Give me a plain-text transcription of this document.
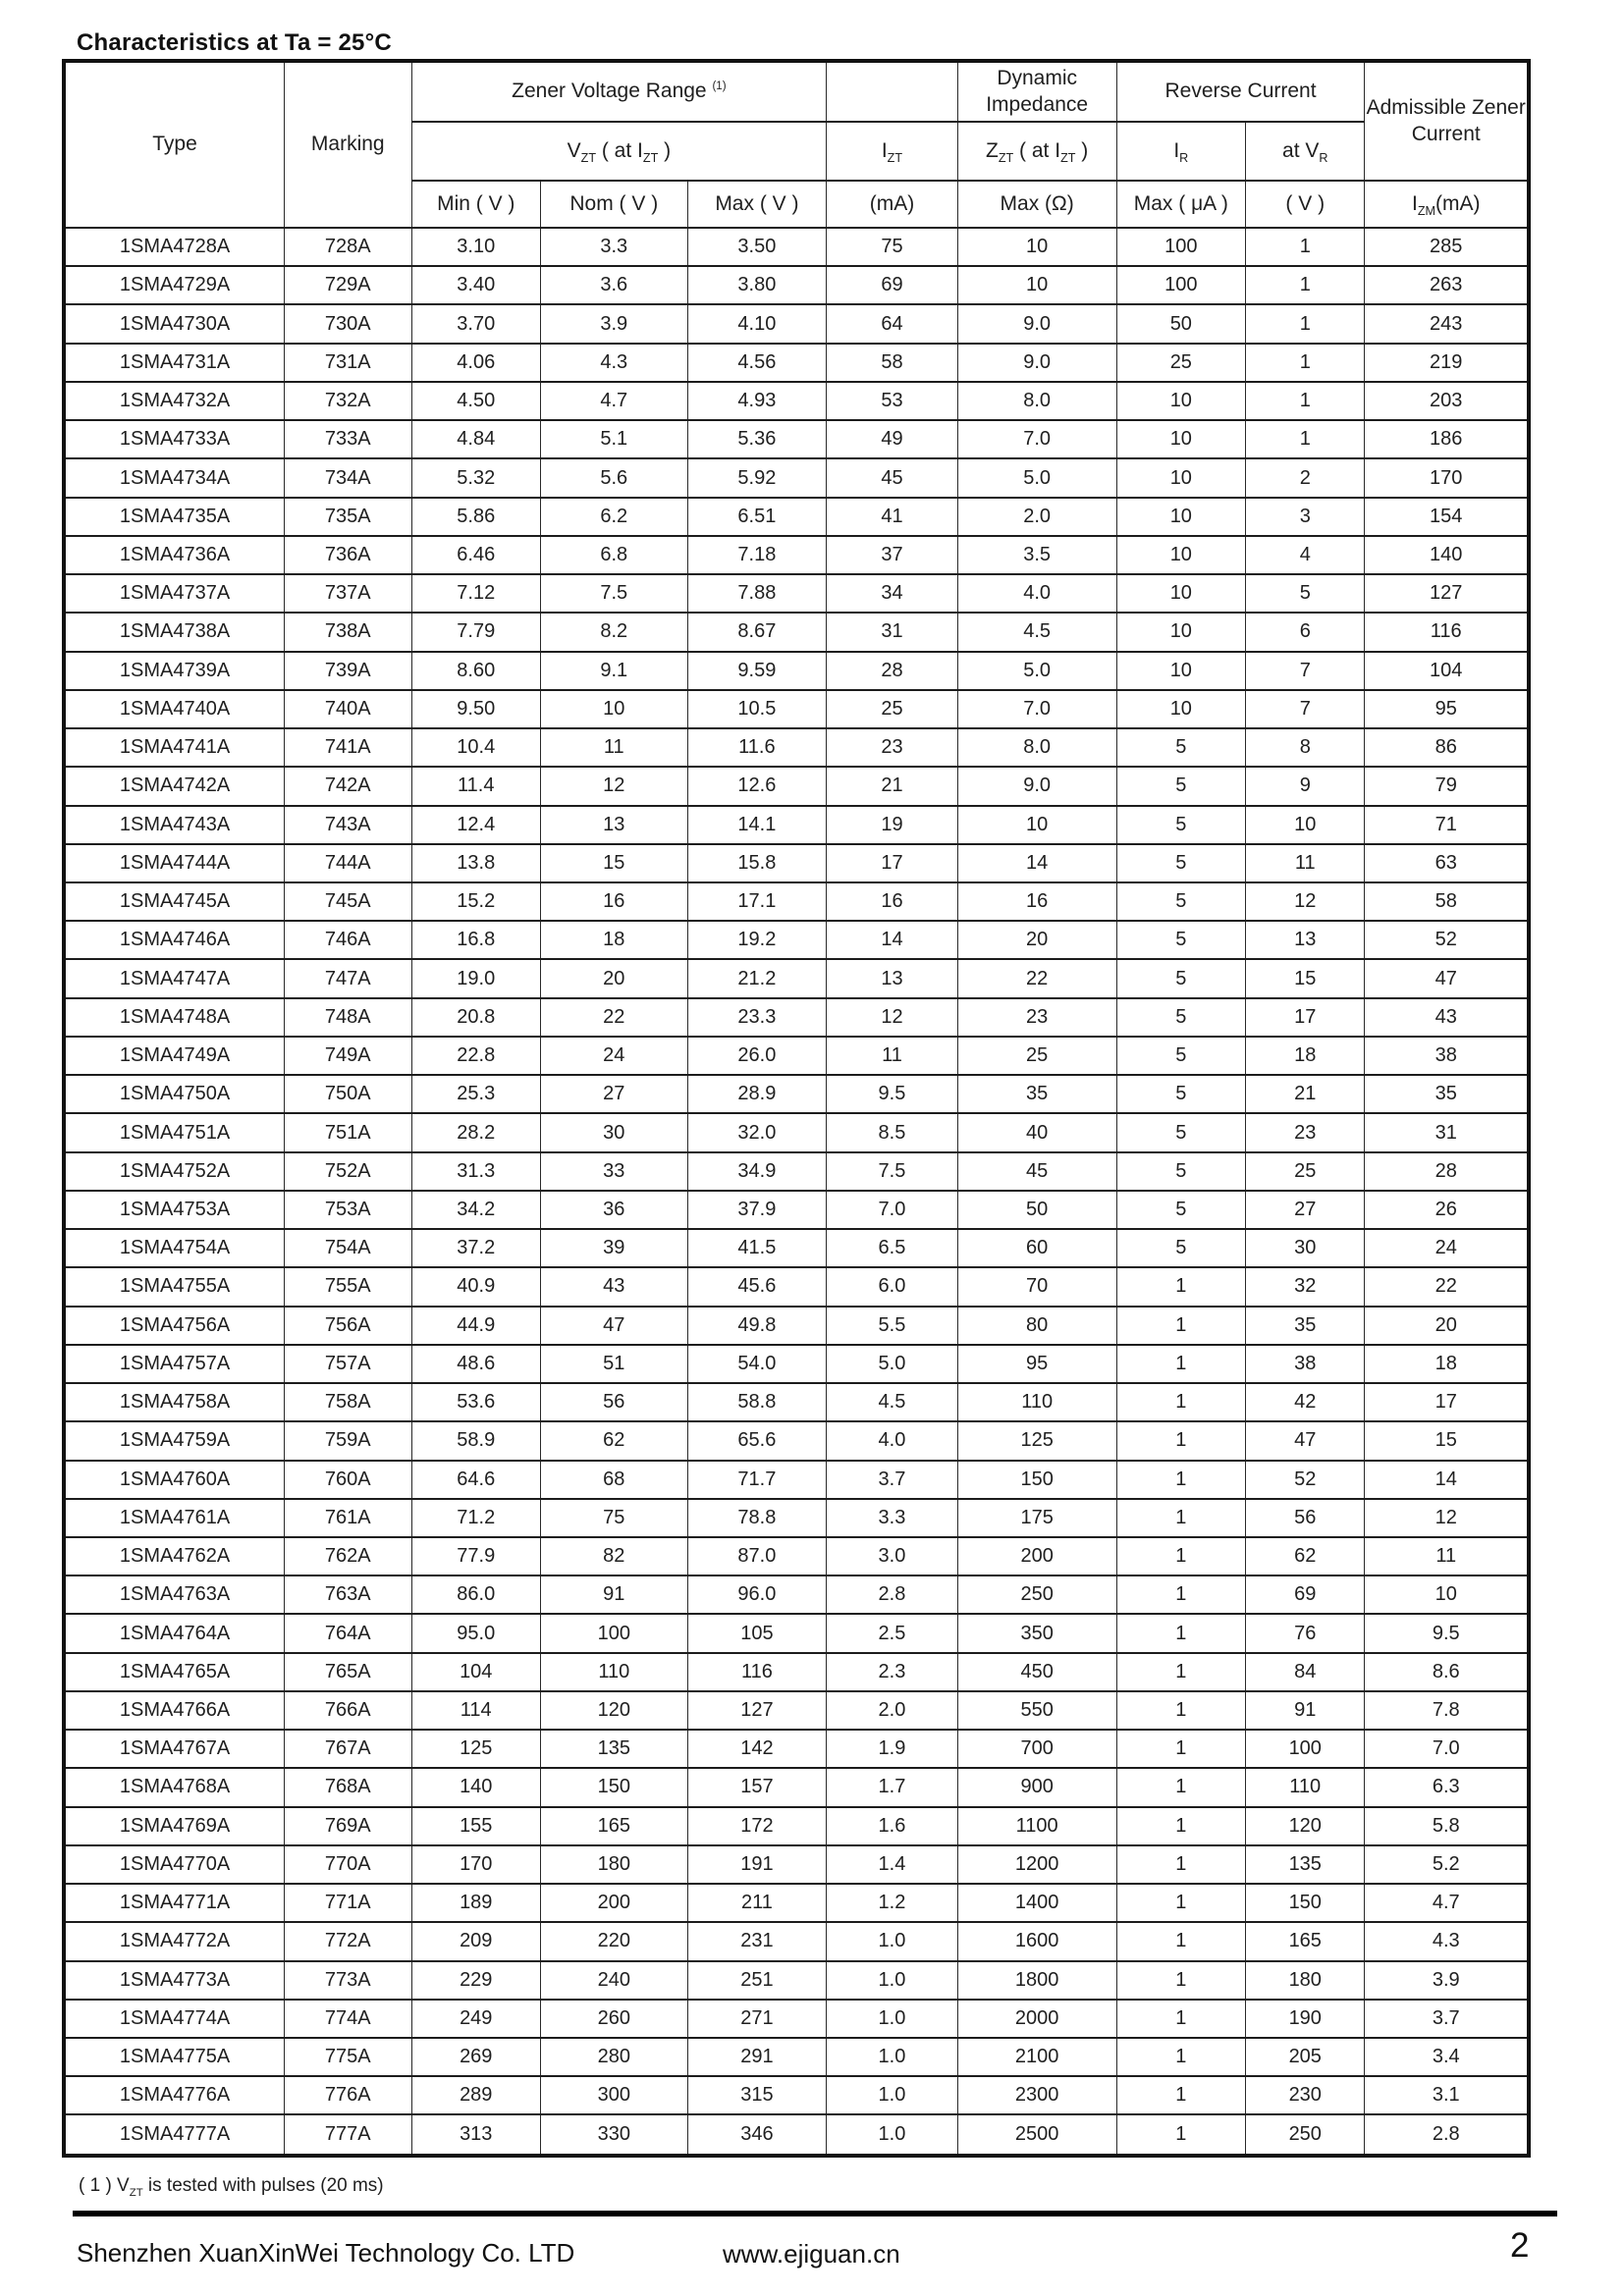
Characteristics at Ta = 25°C
Type	Marking	Zener Voltage Range $^{(1)}$				Dynamic Impedance	Reverse Current		Admissible Zener Current
		$V_{ZT}$ ( at $I_{ZT}$ )			$I_{ZT}$	$Z_{ZT}$ ( at $I_{ZT}$ )	$I_R$	at $V_R$
		Min ( V )	Nom ( V )	Max ( V )	(mA)	Max (Ω)	Max ( μA )	( V )	$I_{ZM}(mA)$
1SMA4728A	728A	3.10	3.3	3.50	75	10	100	1	285
1SMA4729A	729A	3.40	3.6	3.80	69	10	100	1	263
1SMA4730A	730A	3.70	3.9	4.10	64	9.0	50	1	243
1SMA4731A	731A	4.06	4.3	4.56	58	9.0	25	1	219
1SMA4732A	732A	4.50	4.7	4.93	53	8.0	10	1	203
1SMA4733A	733A	4.84	5.1	5.36	49	7.0	10	1	186
1SMA4734A	734A	5.32	5.6	5.92	45	5.0	10	2	170
1SMA4735A	735A	5.86	6.2	6.51	41	2.0	10	3	154
1SMA4736A	736A	6.46	6.8	7.18	37	3.5	10	4	140
1SMA4737A	737A	7.12	7.5	7.88	34	4.0	10	5	127
1SMA4738A	738A	7.79	8.2	8.67	31	4.5	10	6	116
1SMA4739A	739A	8.60	9.1	9.59	28	5.0	10	7	104
1SMA4740A	740A	9.50	10	10.5	25	7.0	10	7	95
1SMA4741A	741A	10.4	11	11.6	23	8.0	5	8	86
1SMA4742A	742A	11.4	12	12.6	21	9.0	5	9	79
1SMA4743A	743A	12.4	13	14.1	19	10	5	10	71
1SMA4744A	744A	13.8	15	15.8	17	14	5	11	63
1SMA4745A	745A	15.2	16	17.1	16	16	5	12	58
1SMA4746A	746A	16.8	18	19.2	14	20	5	13	52
1SMA4747A	747A	19.0	20	21.2	13	22	5	15	47
1SMA4748A	748A	20.8	22	23.3	12	23	5	17	43
1SMA4749A	749A	22.8	24	26.0	11	25	5	18	38
1SMA4750A	750A	25.3	27	28.9	9.5	35	5	21	35
1SMA4751A	751A	28.2	30	32.0	8.5	40	5	23	31
1SMA4752A	752A	31.3	33	34.9	7.5	45	5	25	28
1SMA4753A	753A	34.2	36	37.9	7.0	50	5	27	26
1SMA4754A	754A	37.2	39	41.5	6.5	60	5	30	24
1SMA4755A	755A	40.9	43	45.6	6.0	70	1	32	22
1SMA4756A	756A	44.9	47	49.8	5.5	80	1	35	20
1SMA4757A	757A	48.6	51	54.0	5.0	95	1	38	18
1SMA4758A	758A	53.6	56	58.8	4.5	110	1	42	17
1SMA4759A	759A	58.9	62	65.6	4.0	125	1	47	15
1SMA4760A	760A	64.6	68	71.7	3.7	150	1	52	14
1SMA4761A	761A	71.2	75	78.8	3.3	175	1	56	12
1SMA4762A	762A	77.9	82	87.0	3.0	200	1	62	11
1SMA4763A	763A	86.0	91	96.0	2.8	250	1	69	10
1SMA4764A	764A	95.0	100	105	2.5	350	1	76	9.5
1SMA4765A	765A	104	110	116	2.3	450	1	84	8.6
1SMA4766A	766A	114	120	127	2.0	550	1	91	7.8
1SMA4767A	767A	125	135	142	1.9	700	1	100	7.0
1SMA4768A	768A	140	150	157	1.7	900	1	110	6.3
1SMA4769A	769A	155	165	172	1.6	1100	1	120	5.8
1SMA4770A	770A	170	180	191	1.4	1200	1	135	5.2
1SMA4771A	771A	189	200	211	1.2	1400	1	150	4.7
1SMA4772A	772A	209	220	231	1.0	1600	1	165	4.3
1SMA4773A	773A	229	240	251	1.0	1800	1	180	3.9
1SMA4774A	774A	249	260	271	1.0	2000	1	190	3.7
1SMA4775A	775A	269	280	291	1.0	2100	1	205	3.4
1SMA4776A	776A	289	300	315	1.0	2300	1	230	3.1
1SMA4777A	777A	313	330	346	1.0	2500	1	250	2.8
( 1 ) $V_{ZT}$ is tested with pulses (20 ms)
Shenzhen XuanXinWei Technology Co. LTD	www.ejiguan.cn	2
